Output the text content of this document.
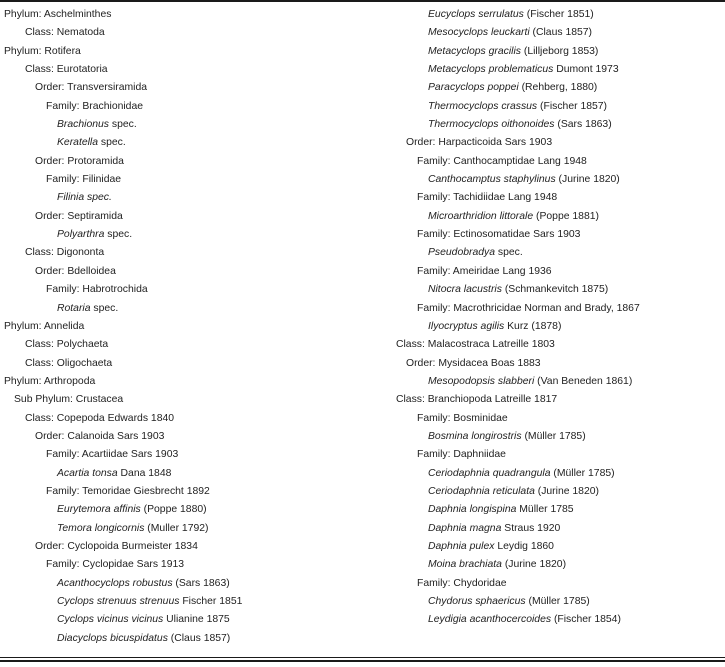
Phylum: Aschelminthes
Class: Nematoda
Phylum: Rotifera
Class: Eurotatoria
Order: Transversiramida
Family: Brachionidae
Brachionus spec.
Keratella spec.
Order: Protoramida
Family: Filinidae
Filinia spec.
Order: Septiramida
Polyarthra spec.
Class: Digononta
Order: Bdelloidea
Family: Habrotrochida
Rotaria spec.
Phylum: Annelida
Class: Polychaeta
Class: Oligochaeta
Phylum: Arthropoda
Sub Phylum: Crustacea
Class: Copepoda Edwards 1840
Order: Calanoida Sars 1903
Family: Acartiidae Sars 1903
Acartia tonsa Dana 1848
Family: Temoridae Giesbrecht 1892
Eurytemora affinis (Poppe 1880)
Temora longicornis (Muller 1792)
Order: Cyclopoida Burmeister 1834
Family: Cyclopidae Sars 1913
Acanthocyclops robustus (Sars 1863)
Cyclops strenuus strenuus Fischer 1851
Cyclops vicinus vicinus Ulianine 1875
Diacyclops bicuspidatus (Claus 1857)
Eucyclops serrulatus (Fischer 1851)
Mesocyclops leuckarti (Claus 1857)
Metacyclops gracilis (Lilljeborg 1853)
Metacyclops problematicus Dumont 1973
Paracyclops poppei (Rehberg, 1880)
Thermocyclops crassus (Fischer 1857)
Thermocyclops oithonoides (Sars 1863)
Order: Harpacticoida Sars 1903
Family: Canthocamptidae Lang 1948
Canthocamptus staphylinus (Jurine 1820)
Family: Tachidiidae Lang 1948
Microarthridion littorale (Poppe 1881)
Family: Ectinosomatidae Sars 1903
Pseudobradya spec.
Family: Ameiridae Lang 1936
Nitocra lacustris (Schmankevitch 1875)
Family: Macrothricidae Norman and Brady, 1867
Ilyocryptus agilis Kurz (1878)
Class: Malacostraca Latreille 1803
Order: Mysidacea Boas 1883
Mesopodopsis slabberi (Van Beneden 1861)
Class: Branchiopoda Latreille 1817
Family: Bosminidae
Bosmina longirostris (Müller 1785)
Family: Daphniidae
Ceriodaphnia quadrangula (Müller 1785)
Ceriodaphnia reticulata (Jurine 1820)
Daphnia longispina Müller 1785
Daphnia magna Straus 1920
Daphnia pulex Leydig 1860
Moina brachiata (Jurine 1820)
Family: Chydoridae
Chydorus sphaericus (Müller 1785)
Leydigia acanthocercoides (Fischer 1854)
